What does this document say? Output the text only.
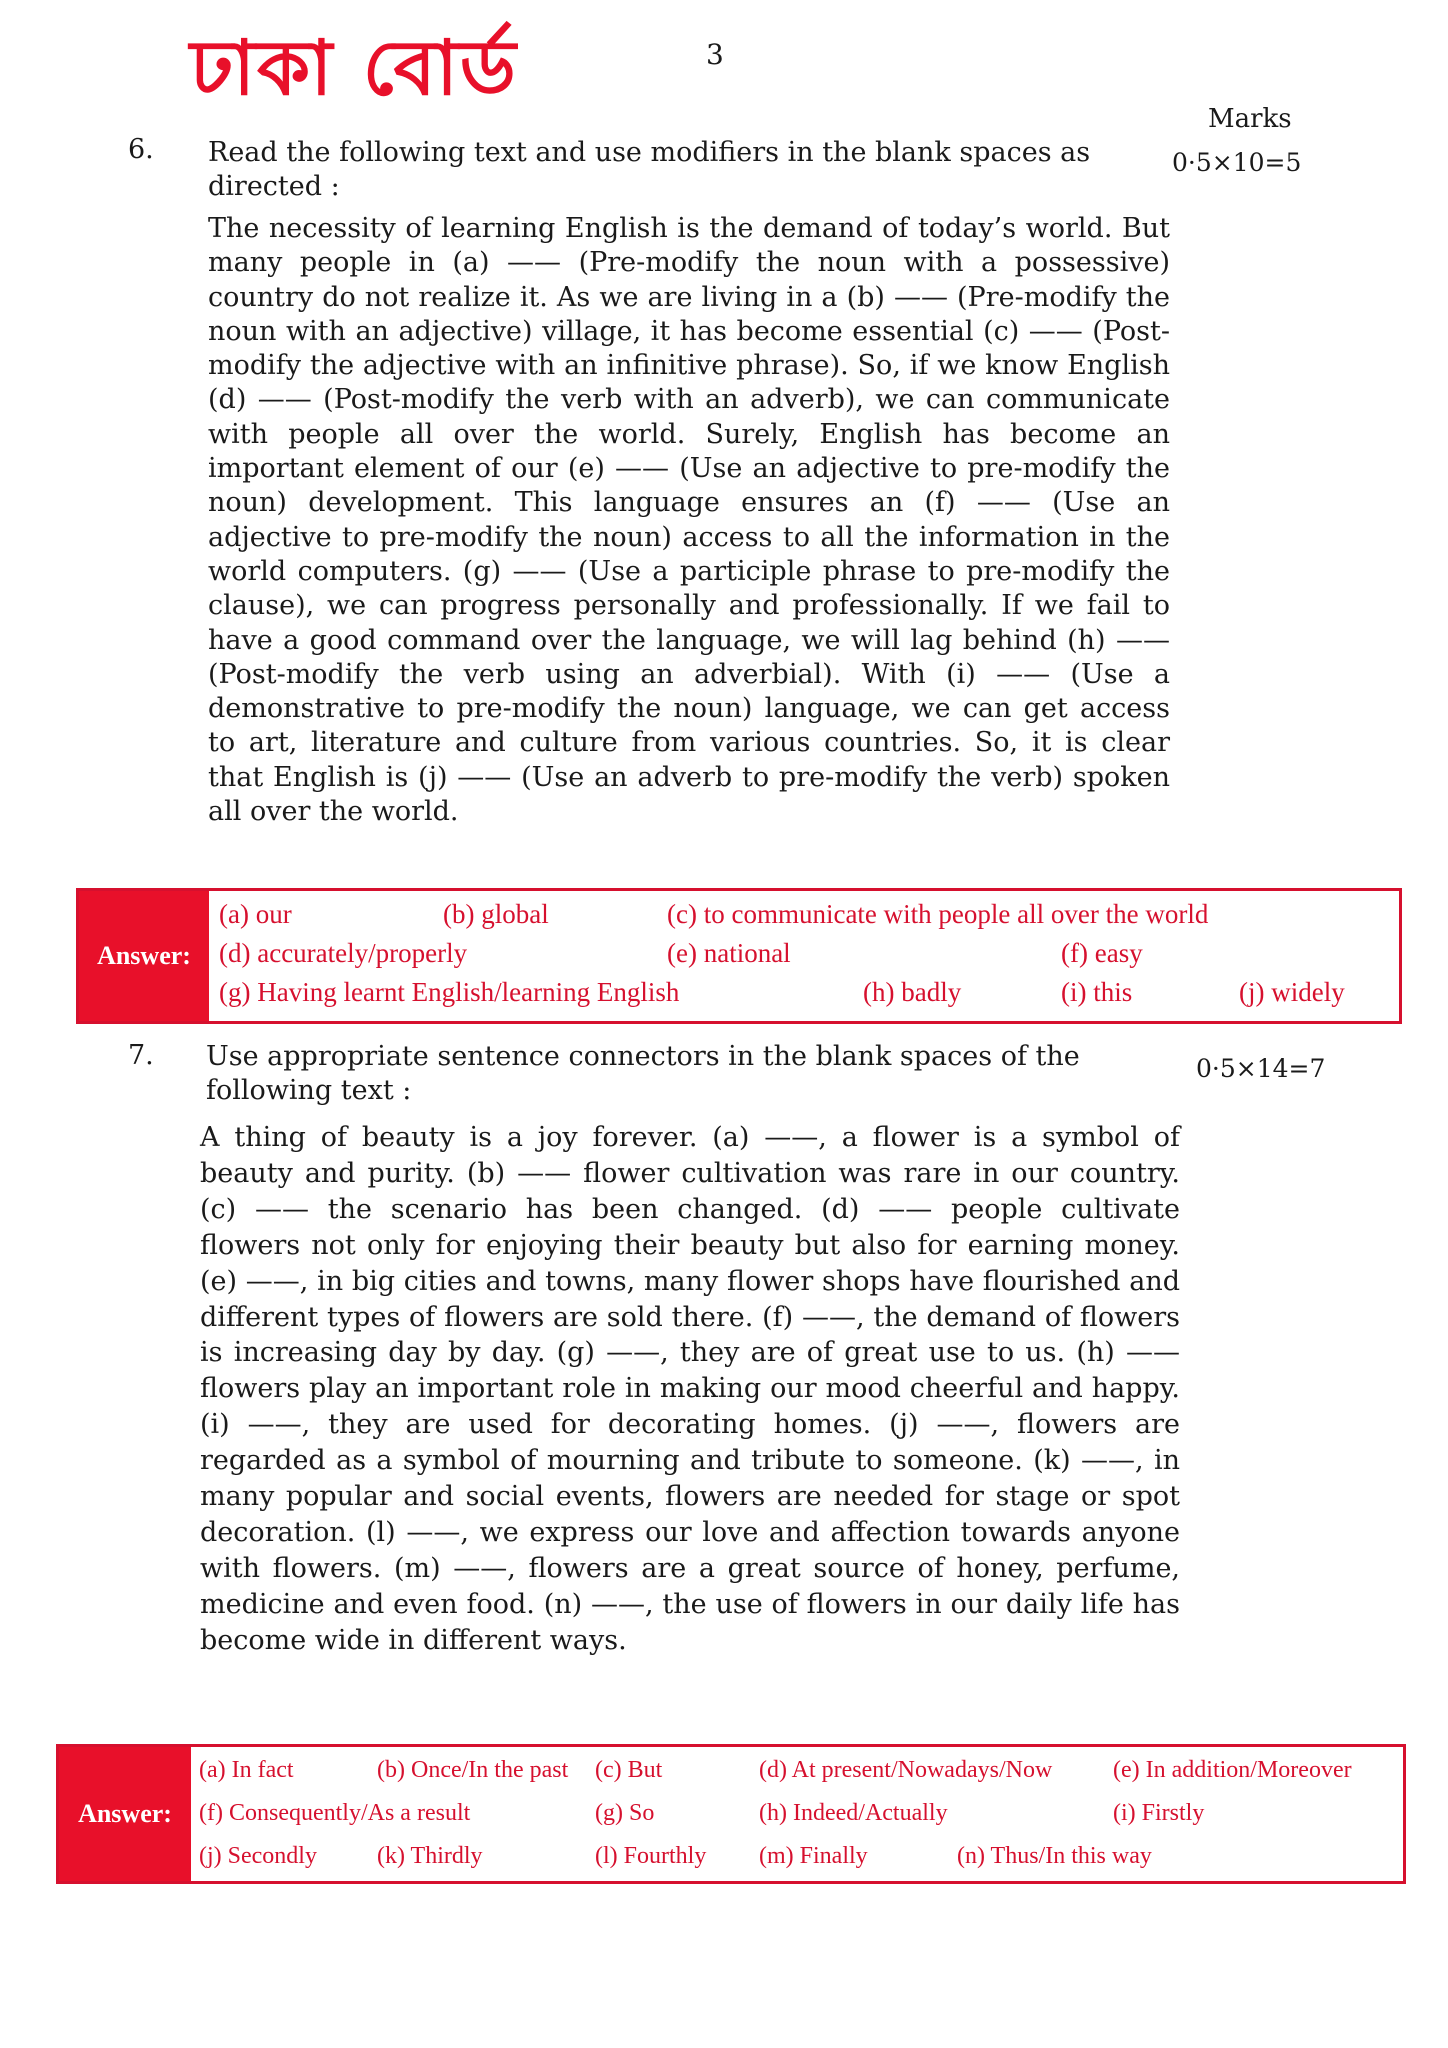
ঢাকা বোর্ড	3
Marks
6. Read the following text and use modifiers in the blank spaces as directed :
0·5×10=5

The necessity of learning English is the demand of today’s world. But many people in (a) —— (Pre-modify the noun with a possessive) country do not realize it. As we are living in a (b) —— (Pre-modify the noun with an adjective) village, it has become essential (c) —— (Post-modify the adjective with an infinitive phrase). So, if we know English (d) —— (Post-modify the verb with an adverb), we can communicate with people all over the world. Surely, English has become an important element of our (e) —— (Use an adjective to pre-modify the noun) development. This language ensures an (f) —— (Use an adjective to pre-modify the noun) access to all the information in the world computers. (g) —— (Use a participle phrase to pre-modify the clause), we can progress personally and professionally. If we fail to have a good command over the language, we will lag behind (h) —— (Post-modify the verb using an adverbial). With (i) —— (Use a demonstrative to pre-modify the noun) language, we can get access to art, literature and culture from various countries. So, it is clear that English is (j) —— (Use an adverb to pre-modify the verb) spoken all over the world.

Answer:
(a) our	(b) global	(c) to communicate with people all over the world
(d) accurately/properly	(e) national	(f) easy
(g) Having learnt English/learning English	(h) badly	(i) this	(j) widely
7. Use appropriate sentence connectors in the blank spaces of the following text :
0·5×14=7

A thing of beauty is a joy forever. (a) ——, a flower is a symbol of beauty and purity. (b) —— flower cultivation was rare in our country. (c) —— the scenario has been changed. (d) —— people cultivate flowers not only for enjoying their beauty but also for earning money. (e) ——, in big cities and towns, many flower shops have flourished and different types of flowers are sold there. (f) ——, the demand of flowers is increasing day by day. (g) ——, they are of great use to us. (h) —— flowers play an important role in making our mood cheerful and happy. (i) ——, they are used for decorating homes. (j) ——, flowers are regarded as a symbol of mourning and tribute to someone. (k) ——, in many popular and social events, flowers are needed for stage or spot decoration. (l) ——, we express our love and affection towards anyone with flowers. (m) ——, flowers are a great source of honey, perfume, medicine and even food. (n) ——, the use of flowers in our daily life has become wide in different ways.

Answer:
(a) In fact	(b) Once/In the past (c) But	(d) At present/Nowadays/Now	(e) In addition/Moreover
(f) Consequently/As a result	(g) So	(h) Indeed/Actually	(i) Firstly
(j) Secondly	(k) Thirdly	(l) Fourthly (m) Finally	(n) Thus/In this way
